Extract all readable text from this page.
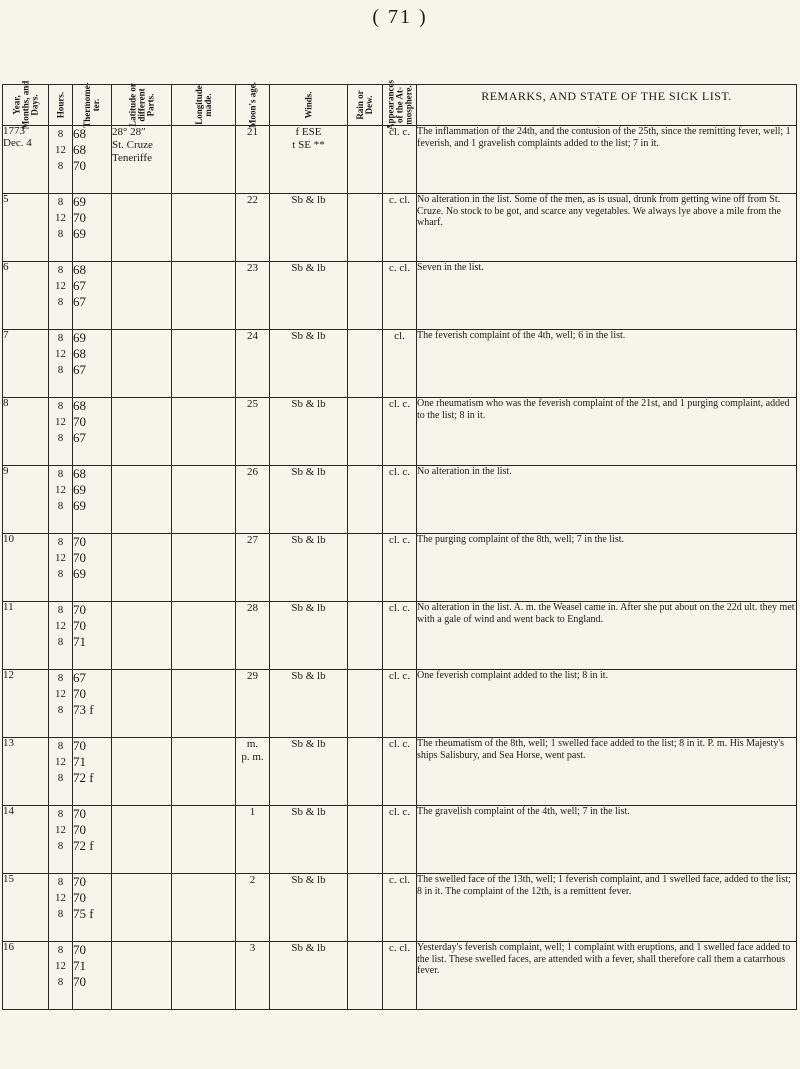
( 71 )
Year,
Months, and
Days.	Hours.	Thermome-
ter.	Latitude or
different
Parts.	Longitude
made.	Moon's age.	Winds.	Rain or
Dew.	Appearances
of the At-
mosphere.	REMARKS, AND STATE OF THE SICK LIST.

1773
Dec. 4	8
12
8	68
68
70	28° 28″
St. Cruze
Teneriffe		21	f ESE
t SE **		cl. c.	The inflammation of the 24th, and the contusion of the 25th, since the remitting fever, well; 1 feverish, and 1 gravelish complaints added to the list; 7 in it.
5	8
12
8	69
70
69			22	Sb & lb		c. cl.	No alteration in the list. Some of the men, as is usual, drunk from getting wine off from St. Cruze. No stock to be got, and scarce any vegetables. We always lye above a mile from the wharf.
6	8
12
8	68
67
67			23	Sb & lb		c. cl.	Seven in the list.
7	8
12
8	69
68
67			24	Sb & lb		cl.	The feverish complaint of the 4th, well; 6 in the list.
8	8
12
8	68
70
67			25	Sb & lb		cl. c.	One rheumatism who was the feverish complaint of the 21st, and 1 purging complaint, added to the list; 8 in it.
9	8
12
8	68
69
69			26	Sb & lb		cl. c.	No alteration in the list.
10	8
12
8	70
70
69			27	Sb & lb		cl. c.	The purging complaint of the 8th, well; 7 in the list.
11	8
12
8	70
70
71			28	Sb & lb		cl. c.	No alteration in the list. A. m. the Weasel came in. After she put about on the 22d ult. they met with a gale of wind and went back to England.
12	8
12
8	67
70
73 f			29	Sb & lb		cl. c.	One feverish complaint added to the list; 8 in it.
13	8
12
8	70
71
72 f			m.
p. m.	Sb & lb		cl. c.	The rheumatism of the 8th, well; 1 swelled face added to the list; 8 in it. P. m. His Majesty's ships Salisbury, and Sea Horse, went past.
14	8
12
8	70
70
72 f			1	Sb & lb		cl. c.	The gravelish complaint of the 4th, well; 7 in the list.
15	8
12
8	70
70
75 f			2	Sb & lb		c. cl.	The swelled face of the 13th, well; 1 feverish complaint, and 1 swelled face, added to the list; 8 in it. The complaint of the 12th, is a remittent fever.
16	8
12
8	70
71
70			3	Sb & lb		c. cl.	Yesterday's feverish complaint, well; 1 complaint with eruptions, and 1 swelled face added to the list. These swelled faces, are attended with a fever, shall therefore call them a catarrhous fever.
